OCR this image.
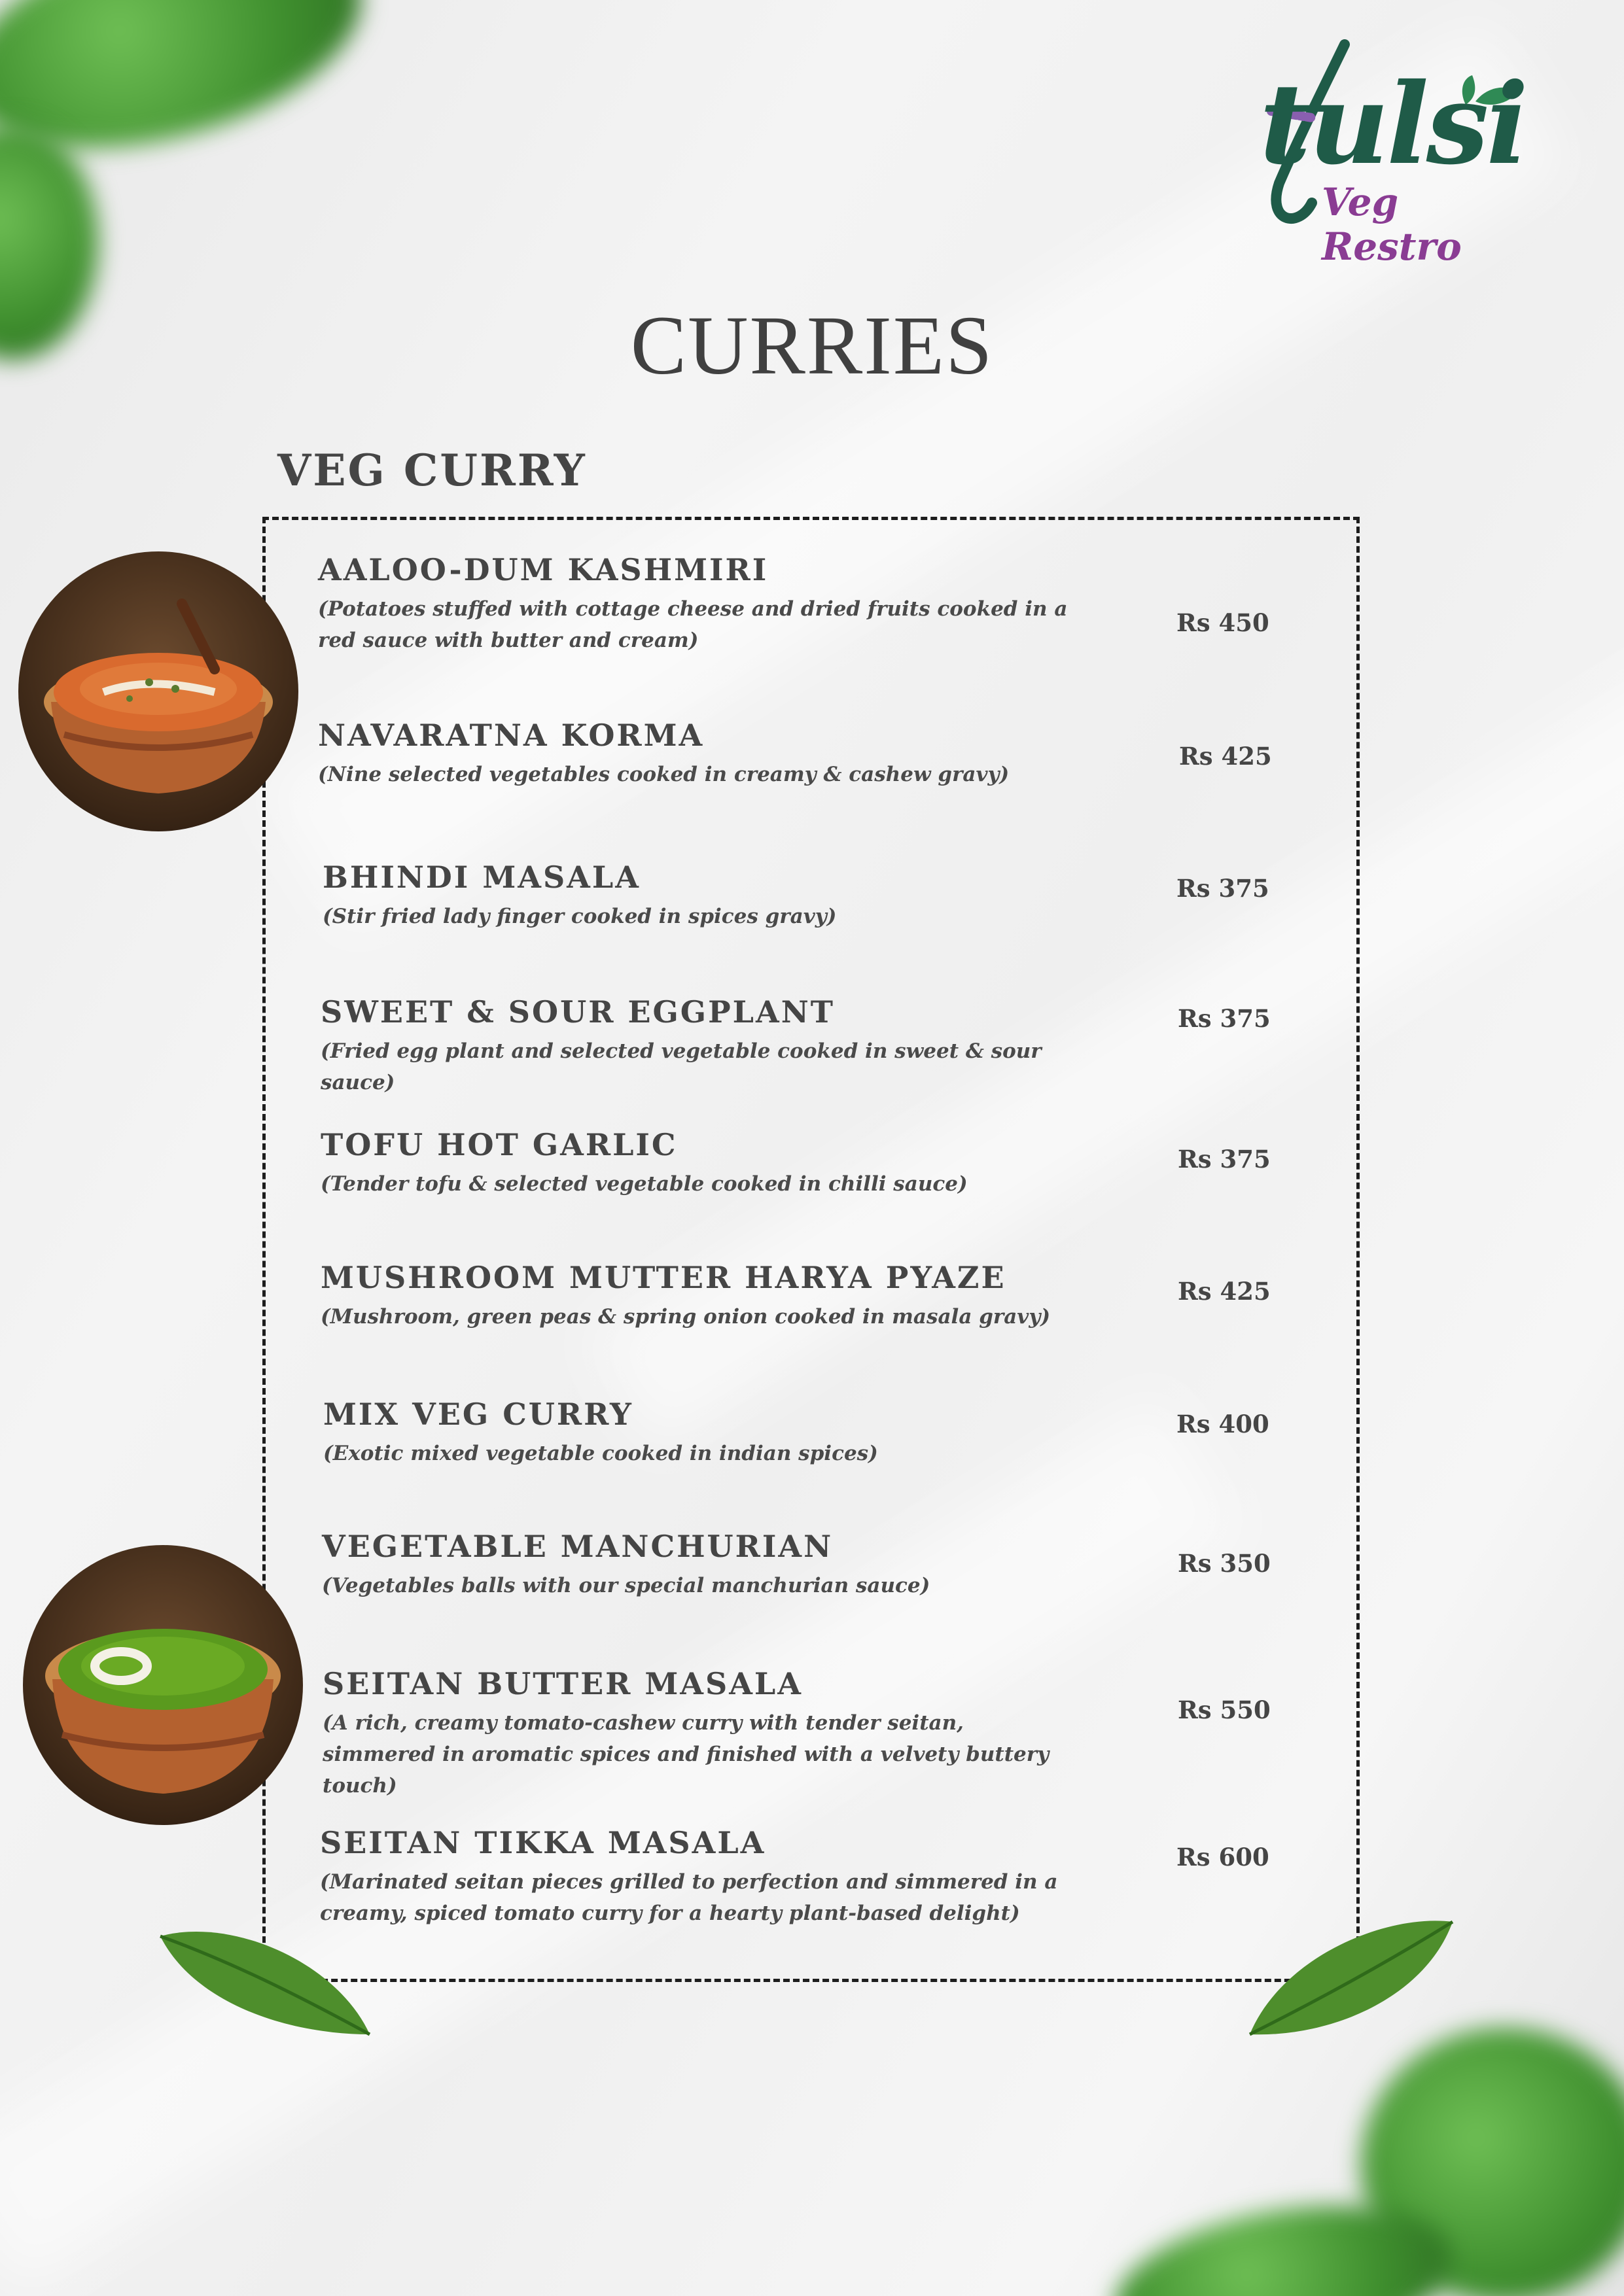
tulsi
Veg Restro
CURRIES
VEG CURRY
AALOO-DUM KASHMIRI
(Potatoes stuffed with cottage cheese and dried fruits cooked in a red sauce with butter and cream)
Rs 450
NAVARATNA KORMA
(Nine selected vegetables cooked in creamy & cashew gravy)
Rs 425
BHINDI MASALA
(Stir fried lady finger cooked in spices gravy)
Rs 375
SWEET & SOUR EGGPLANT
(Fried egg plant and selected vegetable cooked in sweet & sour sauce)
Rs 375
TOFU HOT GARLIC
(Tender tofu & selected vegetable cooked in chilli sauce)
Rs 375
MUSHROOM MUTTER HARYA PYAZE
(Mushroom, green peas & spring onion cooked in masala gravy)
Rs 425
MIX VEG CURRY
(Exotic mixed vegetable cooked in indian spices)
Rs 400
VEGETABLE MANCHURIAN
(Vegetables balls with our special manchurian sauce)
Rs 350
SEITAN BUTTER MASALA
(A rich, creamy tomato-cashew curry with tender seitan, simmered in aromatic spices and finished with a velvety buttery touch)
Rs 550
SEITAN TIKKA MASALA
(Marinated seitan pieces grilled to perfection and simmered in a creamy, spiced tomato curry for a hearty plant-based delight)
Rs 600
